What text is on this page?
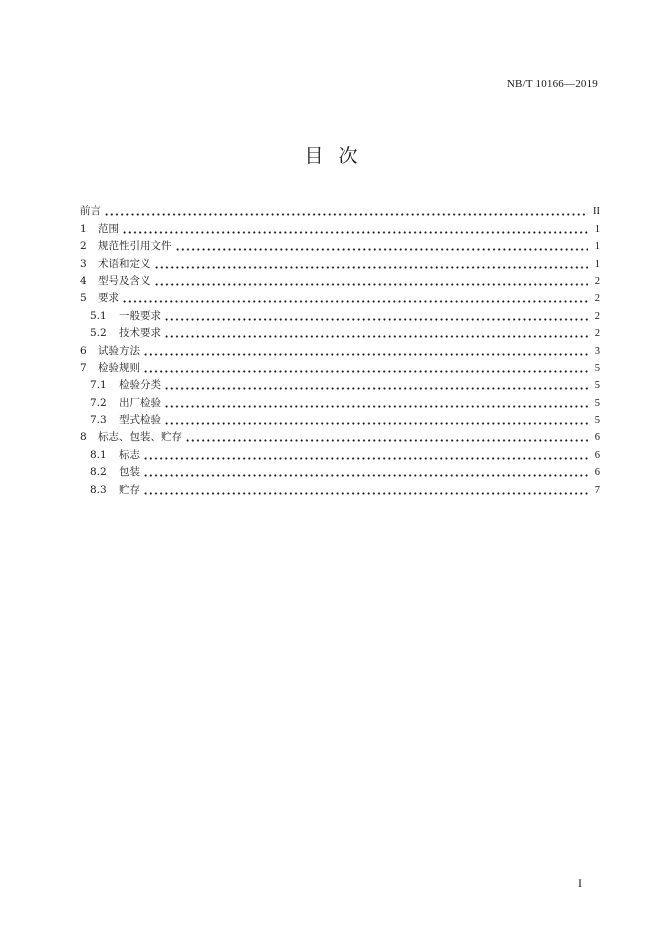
NB/T 10166—2019
目次
前言	II
1	范围	1
2	规范性引用文件	1
3	术语和定义	1
4	型号及含义	2
5	要求	2
5.1	一般要求	2
5.2	技术要求	2
6	试验方法	3
7	检验规则	5
7.1	检验分类	5
7.2	出厂检验	5
7.3	型式检验	5
8	标志、包装、贮存	6
8.1	标志	6
8.2	包装	6
8.3	贮存	7
I
